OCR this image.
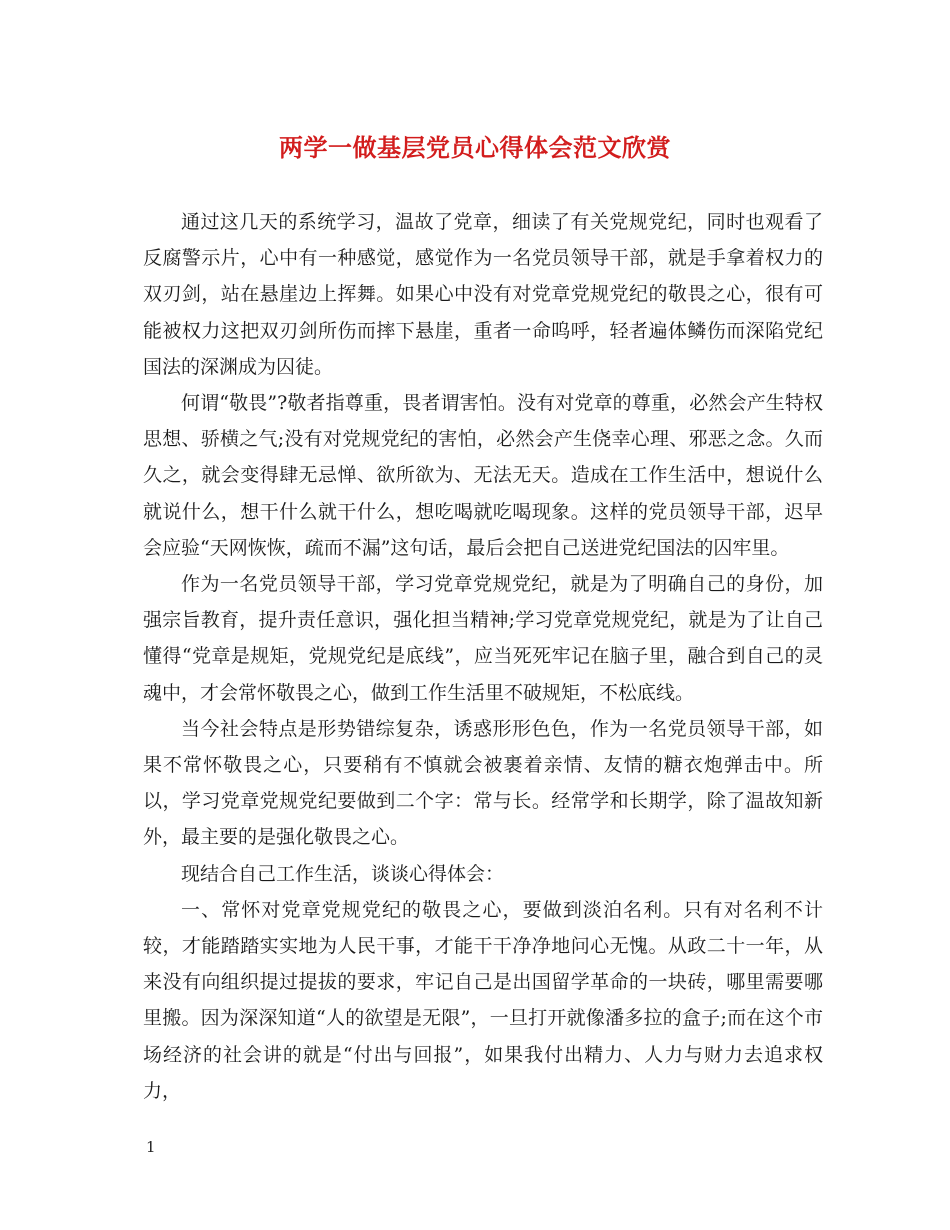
两学一做基层党员心得体会范文欣赏

通过这几天的系统学习，温故了党章，细读了有关党规党纪，同时也观看了反腐警示片，心中有一种感觉，感觉作为一名党员领导干部，就是手拿着权力的双刃剑，站在悬崖边上挥舞。如果心中没有对党章党规党纪的敬畏之心，很有可能被权力这把双刃剑所伤而摔下悬崖，重者一命呜呼，轻者遍体鳞伤而深陷党纪国法的深渊成为囚徒。

何谓“敬畏”?敬者指尊重，畏者谓害怕。没有对党章的尊重，必然会产生特权思想、骄横之气;没有对党规党纪的害怕，必然会产生侥幸心理、邪恶之念。久而久之，就会变得肆无忌惮、欲所欲为、无法无天。造成在工作生活中，想说什么就说什么，想干什么就干什么，想吃喝就吃喝现象。这样的党员领导干部，迟早会应验“天网恢恢，疏而不漏”这句话，最后会把自己送进党纪国法的囚牢里。

作为一名党员领导干部，学习党章党规党纪，就是为了明确自己的身份，加强宗旨教育，提升责任意识，强化担当精神;学习党章党规党纪，就是为了让自己懂得“党章是规矩，党规党纪是底线”，应当死死牢记在脑子里，融合到自己的灵魂中，才会常怀敬畏之心，做到工作生活里不破规矩，不松底线。

当今社会特点是形势错综复杂，诱惑形形色色，作为一名党员领导干部，如果不常怀敬畏之心，只要稍有不慎就会被裹着亲情、友情的糖衣炮弹击中。所以，学习党章党规党纪要做到二个字：常与长。经常学和长期学，除了温故知新外，最主要的是强化敬畏之心。

现结合自己工作生活，谈谈心得体会：

一、常怀对党章党规党纪的敬畏之心，要做到淡泊名利。只有对名利不计较，才能踏踏实实地为人民干事，才能干干净净地问心无愧。从政二十一年，从来没有向组织提过提拔的要求，牢记自己是出国留学革命的一块砖，哪里需要哪里搬。因为深深知道“人的欲望是无限”，一旦打开就像潘多拉的盒子;而在这个市场经济的社会讲的就是“付出与回报”，如果我付出精力、人力与财力去追求权力，

1
